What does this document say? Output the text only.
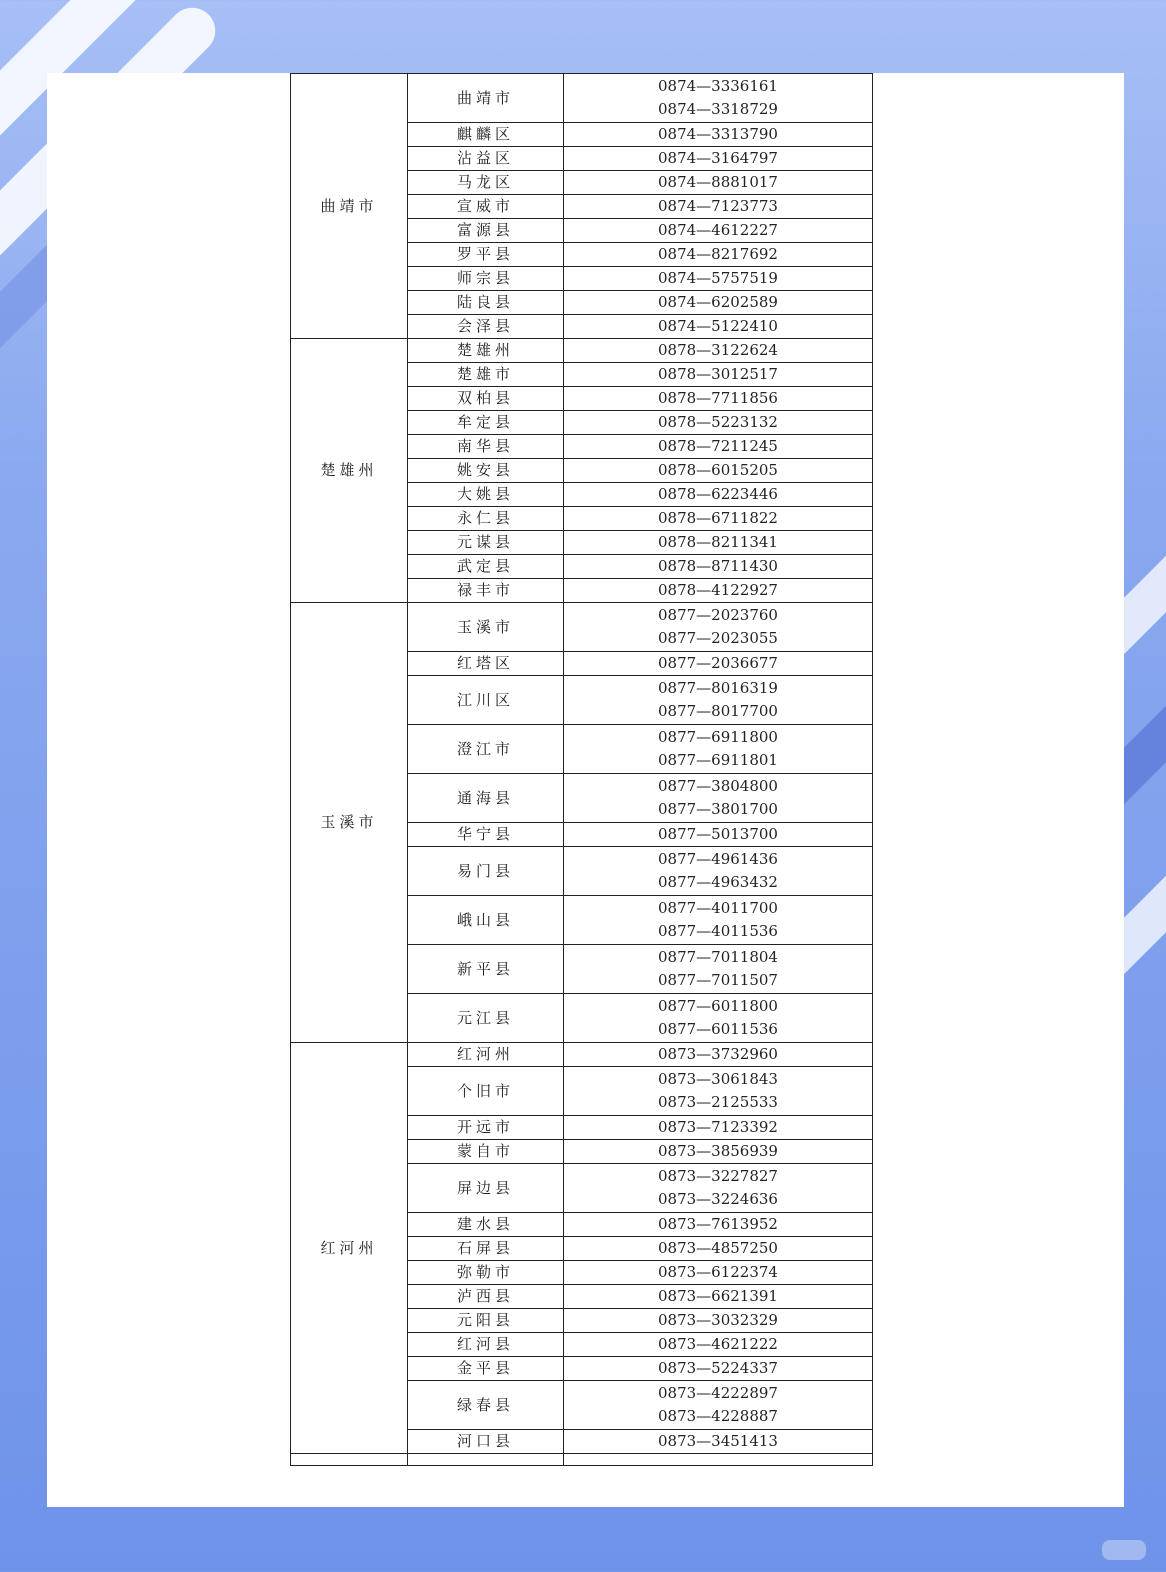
曲靖市	曲靖市	0874—3336161
0874—3318729

	麒麟区	0874—3313790

	沾益区	0874—3164797

	马龙区	0874—8881017

	宣威市	0874—7123773

	富源县	0874—4612227

	罗平县	0874—8217692

	师宗县	0874—5757519

	陆良县	0874—6202589

	会泽县	0874—5122410

楚雄州	楚雄州	0878—3122624

	楚雄市	0878—3012517

	双柏县	0878—7711856

	牟定县	0878—5223132

	南华县	0878—7211245

	姚安县	0878—6015205

	大姚县	0878—6223446

	永仁县	0878—6711822

	元谋县	0878—8211341

	武定县	0878—8711430

	禄丰市	0878—4122927

玉溪市	玉溪市	0877—2023760
0877—2023055

	红塔区	0877—2036677

	江川区	0877—8016319
0877—8017700

	澄江市	0877—6911800
0877—6911801

	通海县	0877—3804800
0877—3801700

	华宁县	0877—5013700

	易门县	0877—4961436
0877—4963432

	峨山县	0877—4011700
0877—4011536

	新平县	0877—7011804
0877—7011507

	元江县	0877—6011800
0877—6011536

红河州	红河州	0873—3732960

	个旧市	0873—3061843
0873—2125533

	开远市	0873—7123392

	蒙自市	0873—3856939

	屏边县	0873—3227827
0873—3224636

	建水县	0873—7613952

	石屏县	0873—4857250

	弥勒市	0873—6122374

	泸西县	0873—6621391

	元阳县	0873—3032329

	红河县	0873—4621222

	金平县	0873—5224337

	绿春县	0873—4222897
0873—4228887

	河口县	0873—3451413
